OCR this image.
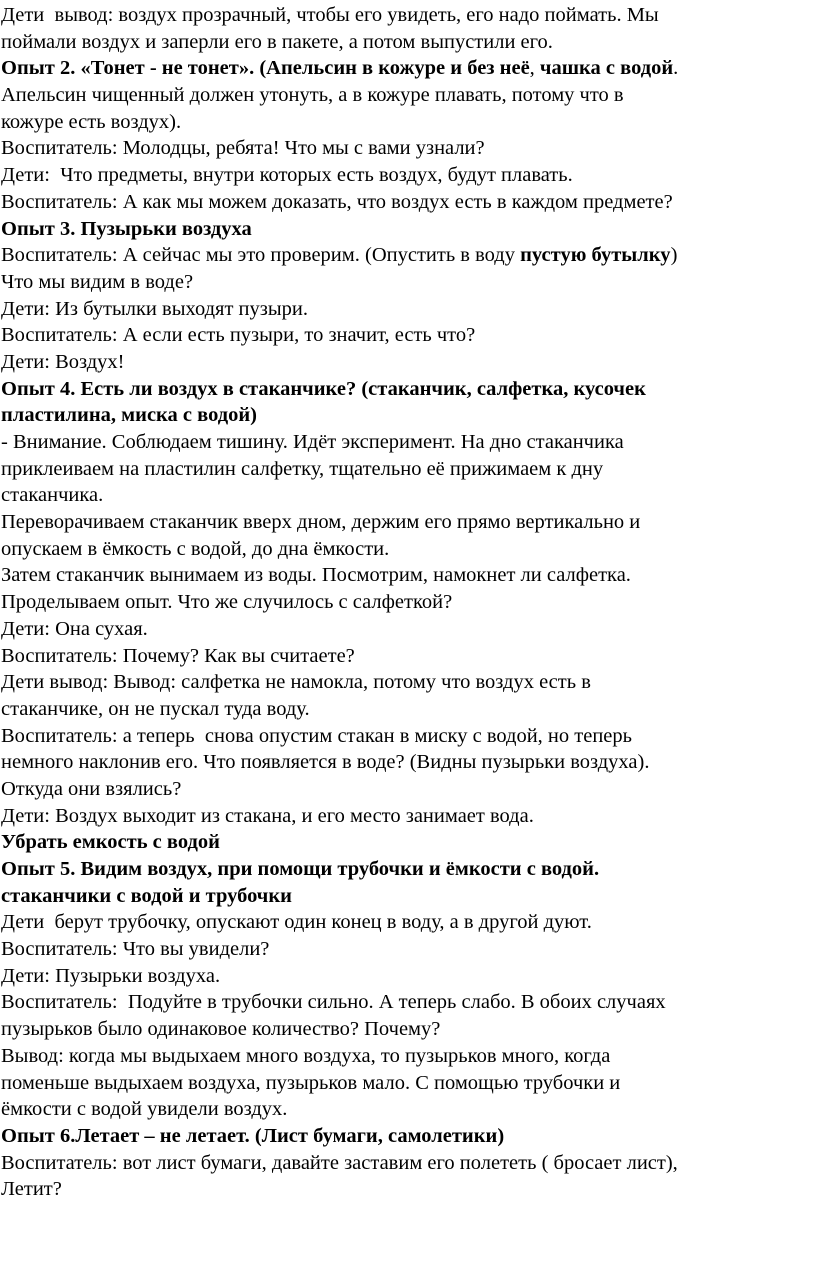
Дети  вывод: воздух прозрачный, чтобы его увидеть, его надо поймать. Мы
поймали воздух и заперли его в пакете, а потом выпустили его.
Опыт 2. «Тонет - не тонет». (Апельсин в кожуре и без неё, чашка с водой.
Апельсин чищенный должен утонуть, а в кожуре плавать, потому что в
кожуре есть воздух).
Воспитатель: Молодцы, ребята! Что мы с вами узнали?
Дети:  Что предметы, внутри которых есть воздух, будут плавать.
Воспитатель: А как мы можем доказать, что воздух есть в каждом предмете?
Опыт 3. Пузырьки воздуха
Воспитатель: А сейчас мы это проверим. (Опустить в воду пустую бутылку)
Что мы видим в воде?
Дети: Из бутылки выходят пузыри.
Воспитатель: А если есть пузыри, то значит, есть что?
Дети: Воздух!
Опыт 4. Есть ли воздух в стаканчике? (стаканчик, салфетка, кусочек
пластилина, миска с водой)
- Внимание. Соблюдаем тишину. Идёт эксперимент. На дно стаканчика
приклеиваем на пластилин салфетку, тщательно её прижимаем к дну
стаканчика.
Переворачиваем стаканчик вверх дном, держим его прямо вертикально и
опускаем в ёмкость с водой, до дна ёмкости.
Затем стаканчик вынимаем из воды. Посмотрим, намокнет ли салфетка.
Проделываем опыт. Что же случилось с салфеткой?
Дети: Она сухая.
Воспитатель: Почему? Как вы считаете?
Дети вывод: Вывод: салфетка не намокла, потому что воздух есть в
стаканчике, он не пускал туда воду.
Воспитатель: а теперь  снова опустим стакан в миску с водой, но теперь
немного наклонив его. Что появляется в воде? (Видны пузырьки воздуха).
Откуда они взялись?
Дети: Воздух выходит из стакана, и его место занимает вода.
Убрать емкость с водой
Опыт 5. Видим воздух, при помощи трубочки и ёмкости с водой.
стаканчики с водой и трубочки
Дети  берут трубочку, опускают один конец в воду, а в другой дуют.
Воспитатель: Что вы увидели?
Дети: Пузырьки воздуха.
Воспитатель:  Подуйте в трубочки сильно. А теперь слабо. В обоих случаях
пузырьков было одинаковое количество? Почему?
Вывод: когда мы выдыхаем много воздуха, то пузырьков много, когда
поменьше выдыхаем воздуха, пузырьков мало. С помощью трубочки и
ёмкости с водой увидели воздух.
Опыт 6.Летает – не летает. (Лист бумаги, самолетики)
Воспитатель: вот лист бумаги, давайте заставим его полететь ( бросает лист),
Летит?
